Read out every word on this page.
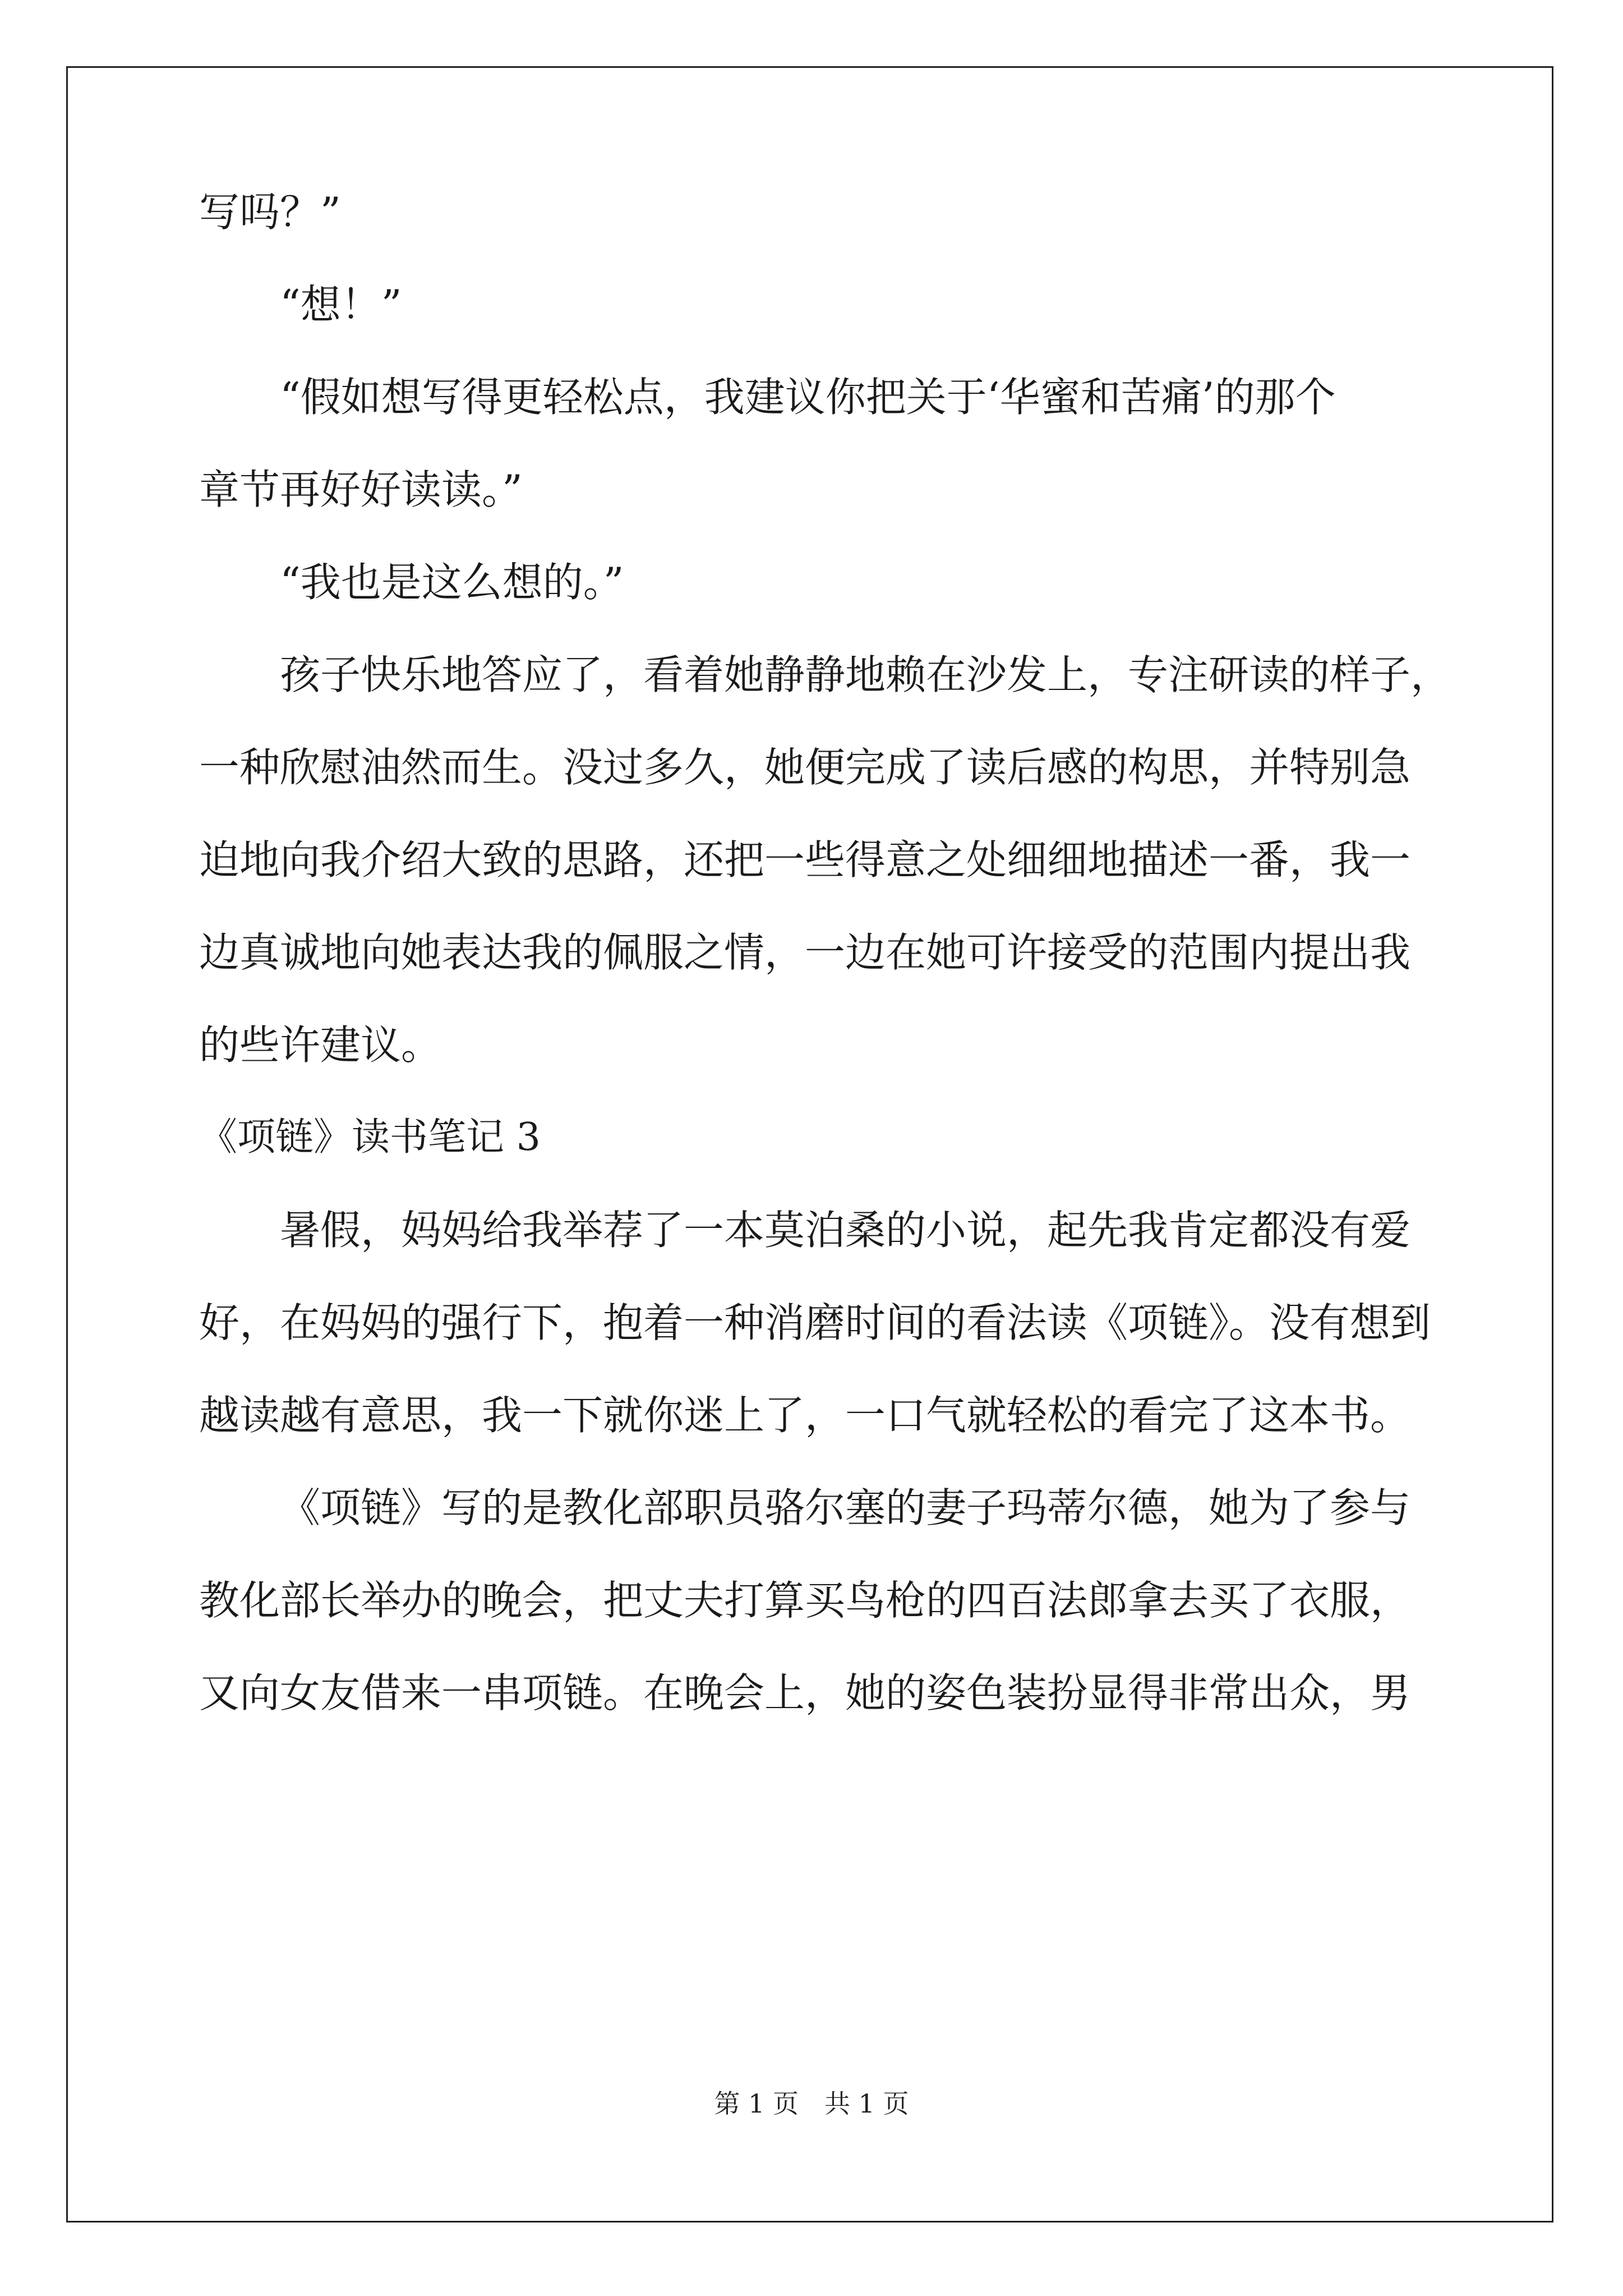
写吗？”
“想！”
“假如想写得更轻松点，我建议你把关于‘华蜜和苦痛’的那个
章节再好好读读。”
“我也是这么想的。”
孩子快乐地答应了，看着她静静地赖在沙发上，专注研读的样子，
一种欣慰油然而生。没过多久，她便完成了读后感的构思，并特别急
迫地向我介绍大致的思路，还把一些得意之处细细地描述一番，我一
边真诚地向她表达我的佩服之情，一边在她可许接受的范围内提出我
的些许建议。
《项链》读书笔记 3
暑假，妈妈给我举荐了一本莫泊桑的小说，起先我肯定都没有爱
好，在妈妈的强行下，抱着一种消磨时间的看法读《项链》。没有想到
越读越有意思，我一下就你迷上了，一口气就轻松的看完了这本书。
《项链》写的是教化部职员骆尔塞的妻子玛蒂尔德，她为了参与
教化部长举办的晚会，把丈夫打算买鸟枪的四百法郎拿去买了衣服，
又向女友借来一串项链。在晚会上，她的姿色装扮显得非常出众，男
第 1 页　共 1 页
